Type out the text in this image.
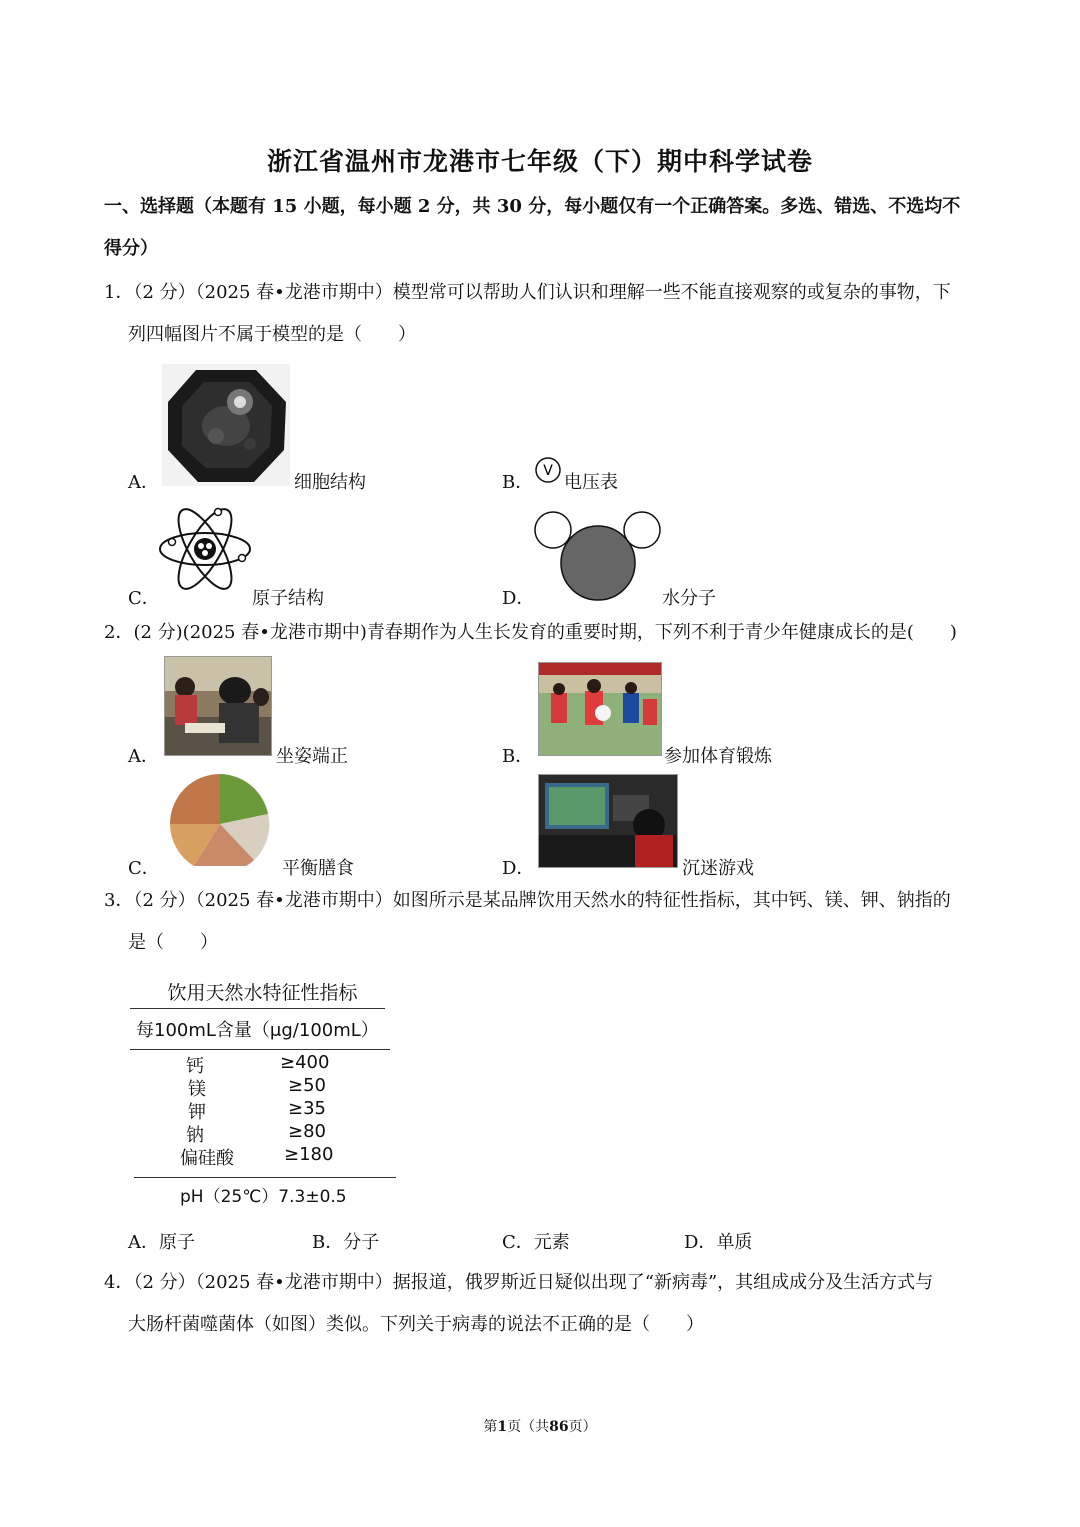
浙江省温州市龙港市七年级（下）期中科学试卷
一、选择题（本题有 15 小题，每小题 2 分，共 30 分，每小题仅有一个正确答案。多选、错选、不选均不
得分）
1．（2 分）（2025 春•龙港市期中）模型常可以帮助人们认识和理解一些不能直接观察的或复杂的事物，下
列四幅图片不属于模型的是（　　）
A．	细胞结构	B．
V
电压表
C．	原子结构	D．	水分子
2．(2 分)(2025 春•龙港市期中)青春期作为人生长发育的重要时期，下列不利于青少年健康成长的是(　　)
A．	坐姿端正	B．	参加体育锻炼
C．	平衡膳食	D．	沉迷游戏
3．（2 分）（2025 春•龙港市期中）如图所示是某品牌饮用天然水的特征性指标，其中钙、镁、钾、钠指的
是（　　）
饮用天然水特征性指标
每100mL含量（μg/100mL）
钙	≥400
镁	≥50
钾	≥35
钠	≥80
偏硅酸	≥180
pH（25℃）7.3±0.5
A．原子	B．分子	C．元素	D．单质
4．（2 分）（2025 春•龙港市期中）据报道，俄罗斯近日疑似出现了“新病毒”，其组成成分及生活方式与
大肠杆菌噬菌体（如图）类似。下列关于病毒的说法不正确的是（　　）
第1页（共86页）
